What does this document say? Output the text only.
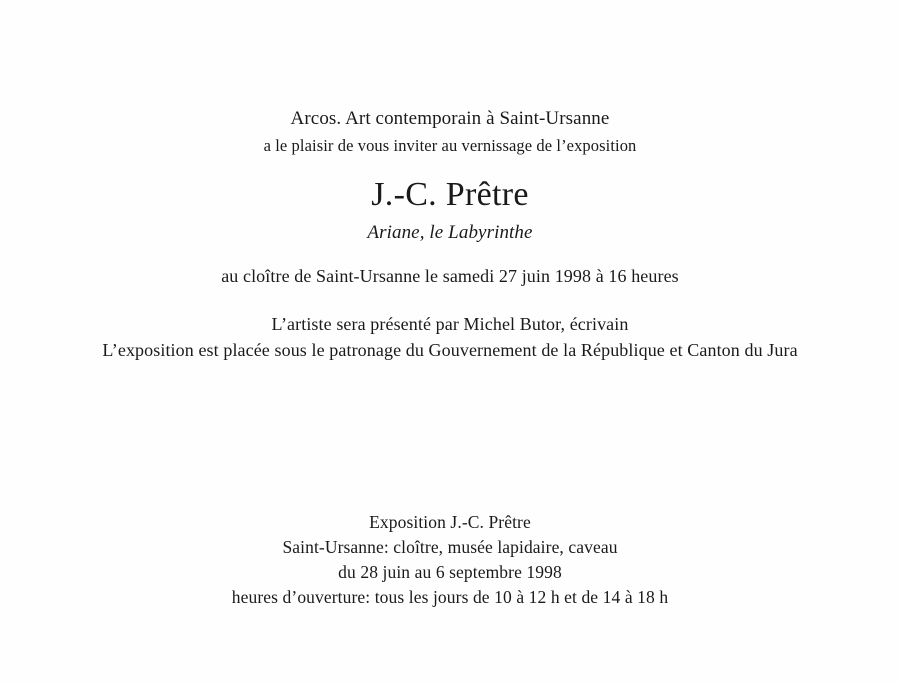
Arcos. Art contemporain à Saint-Ursanne
a le plaisir de vous inviter au vernissage de l’exposition
J.-C. Prêtre
Ariane, le Labyrinthe
au cloître de Saint-Ursanne le samedi 27 juin 1998 à 16 heures
L’artiste sera présenté par Michel Butor, écrivain
L’exposition est placée sous le patronage du Gouvernement de la République et Canton du Jura
Exposition J.-C. Prêtre
Saint-Ursanne: cloître, musée lapidaire, caveau
du 28 juin au 6 septembre 1998
heures d’ouverture: tous les jours de 10 à 12 h et de 14 à 18 h
